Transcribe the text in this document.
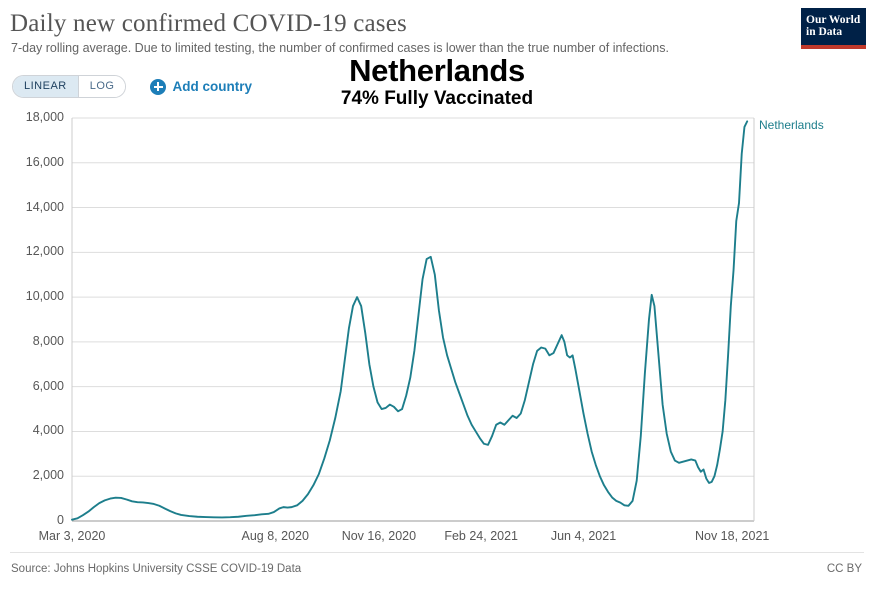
Daily new confirmed COVID-19 cases
7-day rolling average. Due to limited testing, the number of confirmed cases is lower than the true number of infections.
Our World
in Data
LINEAR	LOG	Add country	Netherlands
74% Fully Vaccinated
0
2,000
4,000
6,000
8,000
10,000
12,000
14,000
16,000
18,000
Mar 3, 2020	Aug 8, 2020	Nov 16, 2020	Feb 24, 2021	Jun 4, 2021	Nov 18, 2021
Netherlands
Source: Johns Hopkins University CSSE COVID-19 Data	CC BY
